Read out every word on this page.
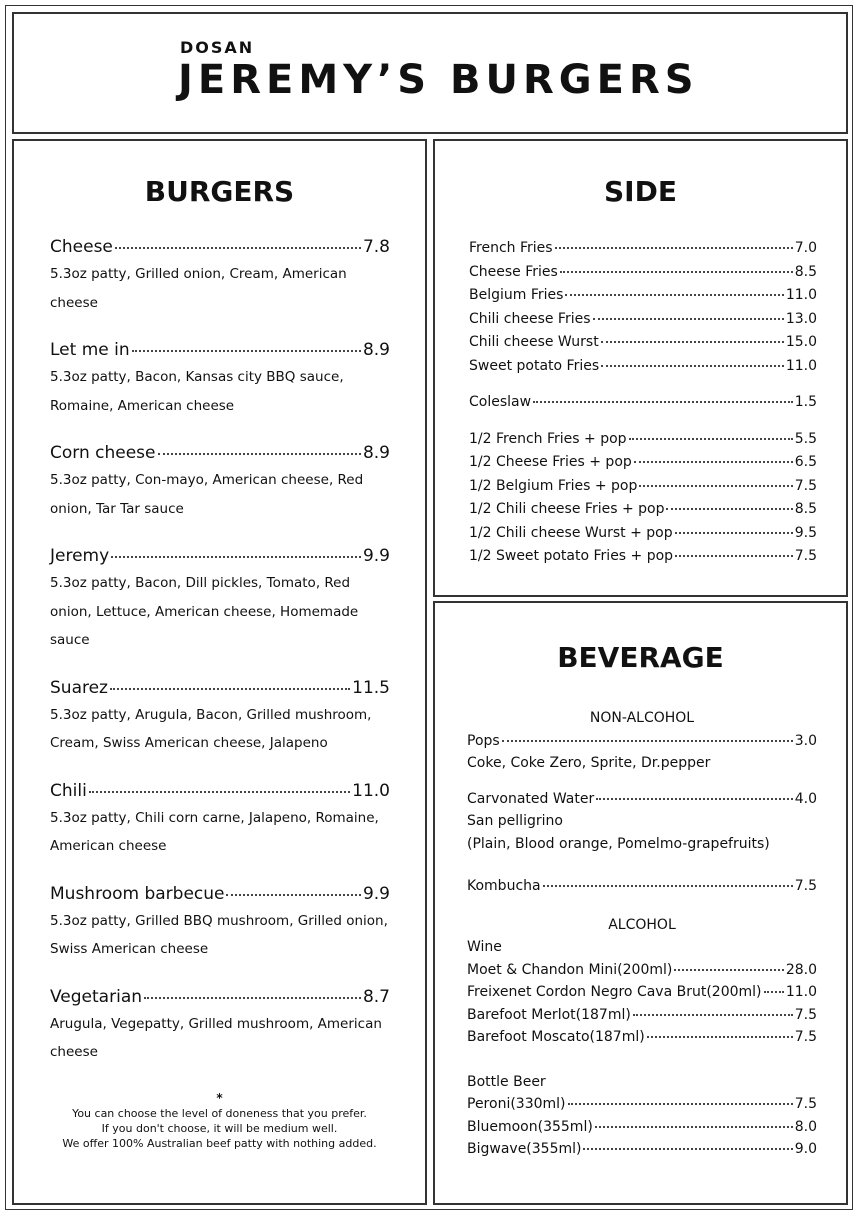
DOSAN

JEREMY’S BURGERS
BURGERS
Cheese	7.8
5.3oz patty, Grilled onion, Cream, American cheese
Let me in	8.9
5.3oz patty, Bacon, Kansas city BBQ sauce, Romaine, American cheese
Corn cheese	8.9
5.3oz patty, Con-mayo, American cheese, Red onion, Tar Tar sauce
Jeremy	9.9
5.3oz patty, Bacon, Dill pickles, Tomato, Red onion, Lettuce, American cheese, Homemade sauce
Suarez	11.5
5.3oz patty, Arugula, Bacon, Grilled mushroom, Cream, Swiss American cheese, Jalapeno
Chili	11.0
5.3oz patty, Chili corn carne, Jalapeno, Romaine, American cheese
Mushroom barbecue	9.9
5.3oz patty, Grilled BBQ mushroom, Grilled onion, Swiss American cheese
Vegetarian	8.7
Arugula, Vegepatty, Grilled mushroom, American cheese
*
You can choose the level of doneness that you prefer.
If you don't choose, it will be medium well.
We offer 100% Australian beef patty with nothing added.
SIDE
French Fries	7.0
Cheese Fries	8.5
Belgium Fries	11.0
Chili cheese Fries	13.0
Chili cheese Wurst	15.0
Sweet potato Fries	11.0
Coleslaw	1.5
1/2 French Fries + pop	5.5
1/2 Cheese Fries + pop	6.5
1/2 Belgium Fries + pop	7.5
1/2 Chili cheese Fries + pop	8.5
1/2 Chili cheese Wurst + pop	9.5
1/2 Sweet potato Fries + pop	7.5
BEVERAGE
NON-ALCOHOL
Pops	3.0
Coke, Coke Zero, Sprite, Dr.pepper
Carvonated Water	4.0
San pelligrino
(Plain, Blood orange, Pomelmo-grapefruits)
Kombucha	7.5
ALCOHOL
Wine
Moet & Chandon Mini(200ml)	28.0
Freixenet Cordon Negro Cava Brut(200ml) 11.0
Barefoot Merlot(187ml)	7.5
Barefoot Moscato(187ml)	7.5
Bottle Beer
Peroni(330ml)	7.5
Bluemoon(355ml)	8.0
Bigwave(355ml)	9.0
